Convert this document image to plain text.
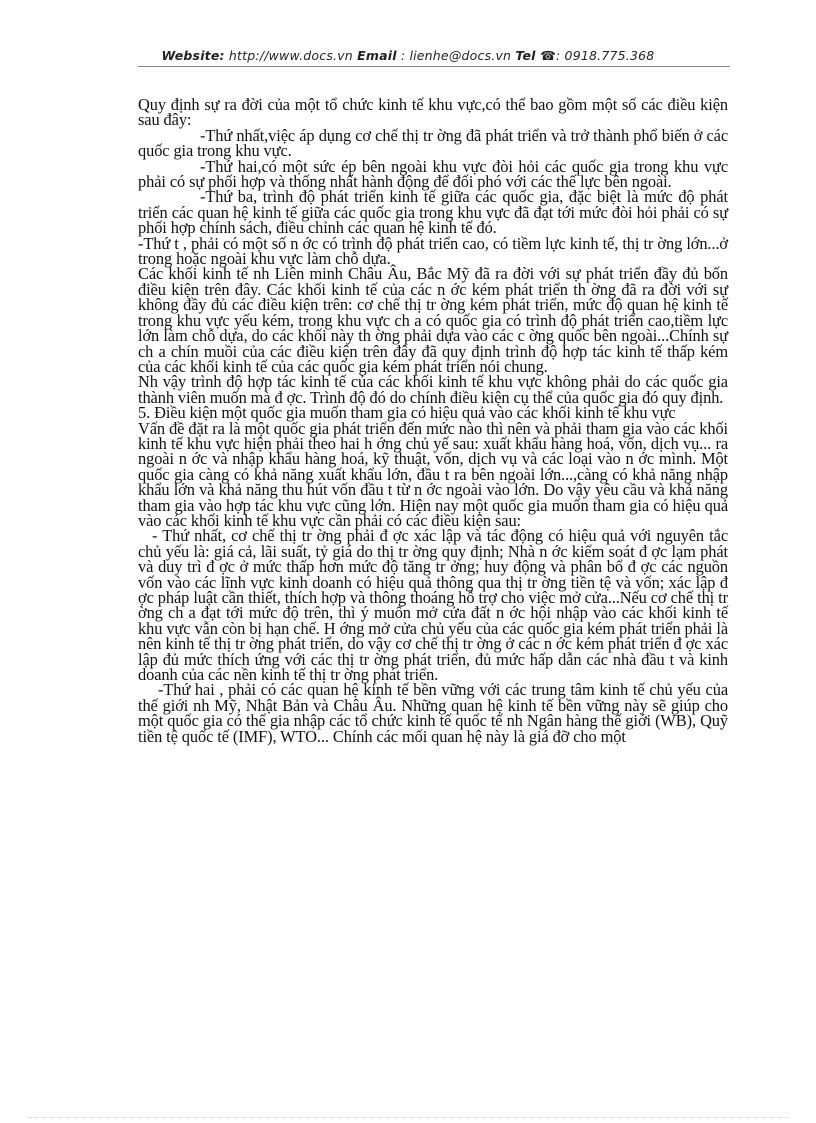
Website: http://www.docs.vn Email : lienhe@docs.vn Tel ☎: 0918.775.368

Quy định sự ra đời của một tổ chức kinh tế khu vực,có thể bao gồm một số các điều kiện sau đây:

-Thứ nhất,việc áp dụng cơ chế thị tr ờng đã phát triển và trở thành phổ biến ở các quốc gia trong khu vực.

-Thứ hai,có một sức ép bên ngoài khu vực đòi hỏi các quốc gia trong khu vực phải có sự phối hợp và thống nhất hành động để đối phó với các thế lực bên ngoài.

-Thứ ba, trình độ phát triển kinh tế giữa các quốc gia, đặc biệt là mức độ phát triển các quan hệ kinh tế giữa các quốc gia trong khu vực đã đạt tới mức đòi hỏi phải có sự phối hợp chính sách, điều chỉnh các quan hệ kinh tế đó.

-Thứ t , phải có một số n ớc có trình độ phát triển cao, có tiềm lực kinh tế, thị tr ờng lớn...ở trong hoặc ngoài khu vực làm chỗ dựa.

Các khối kinh tế nh Liên minh Châu Âu, Bắc Mỹ đã ra đời với sự phát triển đầy đủ bốn điều kiện trên đây. Các khối kinh tế của các n ớc kém phát triển th ờng đã ra đời với sự không đầy đủ các điều kiện trên: cơ chế thị tr ờng kém phát triển, mức độ quan hệ kinh tế trong khu vực yếu kém, trong khu vực ch a có quốc gia có trình độ phát triển cao,tiềm lực lớn làm chỗ dựa, do các khối này th ờng phải dựa vào các c ờng quốc bên ngoài...Chính sự ch a chín muồi của các điều kiện trên đây đã quy định trình độ hợp tác kinh tế thấp kém của các khối kinh tế của các quốc gia kém phát triển nói chung.

Nh vậy trình độ hợp tác kinh tế của các khối kinh tế khu vực không phải do các quốc gia thành viên muốn mà đ ợc. Trình độ đó do chính điều kiện cụ thể của quốc gia đó quy định.

5. Điều kiện một quốc gia muốn tham gia có hiệu quả vào các khối kinh tế khu vực

Vấn đề đặt ra là một quốc gia phát triển đến mức nào thì nên và phải tham gia vào các khối kinh tế khu vực hiện phải theo hai h ớng chủ yế sau: xuất khẩu hàng hoá, vốn, dịch vụ... ra ngoài n ớc và nhập khẩu hàng hoá, kỹ thuật, vốn, dịch vụ và các loại vào n ớc mình. Một quốc gia càng có khả năng xuất khẩu lớn, đầu t ra bên ngoài lớn...,càng có khả năng nhập khẩu lớn và khả năng thu hút vốn đầu t từ n ớc ngoài vào lớn. Do vậy yêu cầu và khả năng tham gia vào hợp tác khu vực cũng lớn. Hiện nay một quốc gia muốn tham gia có hiệu quả vào các khối kinh tế khu vực cần phải có các điều kiện sau:

- Thứ nhất, cơ chế thị tr ờng phải đ ợc xác lập và tác động có hiệu quả với nguyên tắc chủ yếu là: giá cả, lãi suất, tỷ giá do thị tr ờng quy định; Nhà n ớc kiểm soát đ ợc lạm phát và duy trì đ ợc ở mức thấp hơn mức độ tăng tr ởng; huy động và phân bổ đ ợc các nguồn vốn vào các lĩnh vực kinh doanh có hiệu quả thông qua thị tr ờng tiền tệ và vốn; xác lập đ ợc pháp luật cần thiết, thích hợp và thông thoáng hỗ trợ cho việc mở cửa...Nếu cơ chế thị tr ờng ch a đạt tới mức độ trên, thì ý muốn mở cửa đất n ớc hội nhập vào các khối kinh tế khu vực vẫn còn bị hạn chế. H ớng mở cửa chủ yếu của các quốc gia kém phát triển phải là nên kinh tế thị tr ờng phát triển, do vậy cơ chế thị tr ờng ở các n ớc kém phát triển đ ợc xác lập đủ mức thích ứng với các thị tr ờng phát triển, đủ mức hấp dẫn các nhà đầu t và kinh doanh của các nền kinh tế thị tr ờng phát triển.

-Thứ hai , phải có các quan hệ kinh tế bền vững với các trung tâm kinh tế chủ yếu của thế giới nh Mỹ, Nhật Bản và Châu Âu. Những quan hệ kinh tế bền vững này sẽ giúp cho một quốc gia có thể gia nhập các tổ chức kinh tế quốc tế nh Ngân hàng thế giới (WB), Quỹ tiền tệ quốc tế (IMF), WTO... Chính các mối quan hệ này là giá đỡ cho một
